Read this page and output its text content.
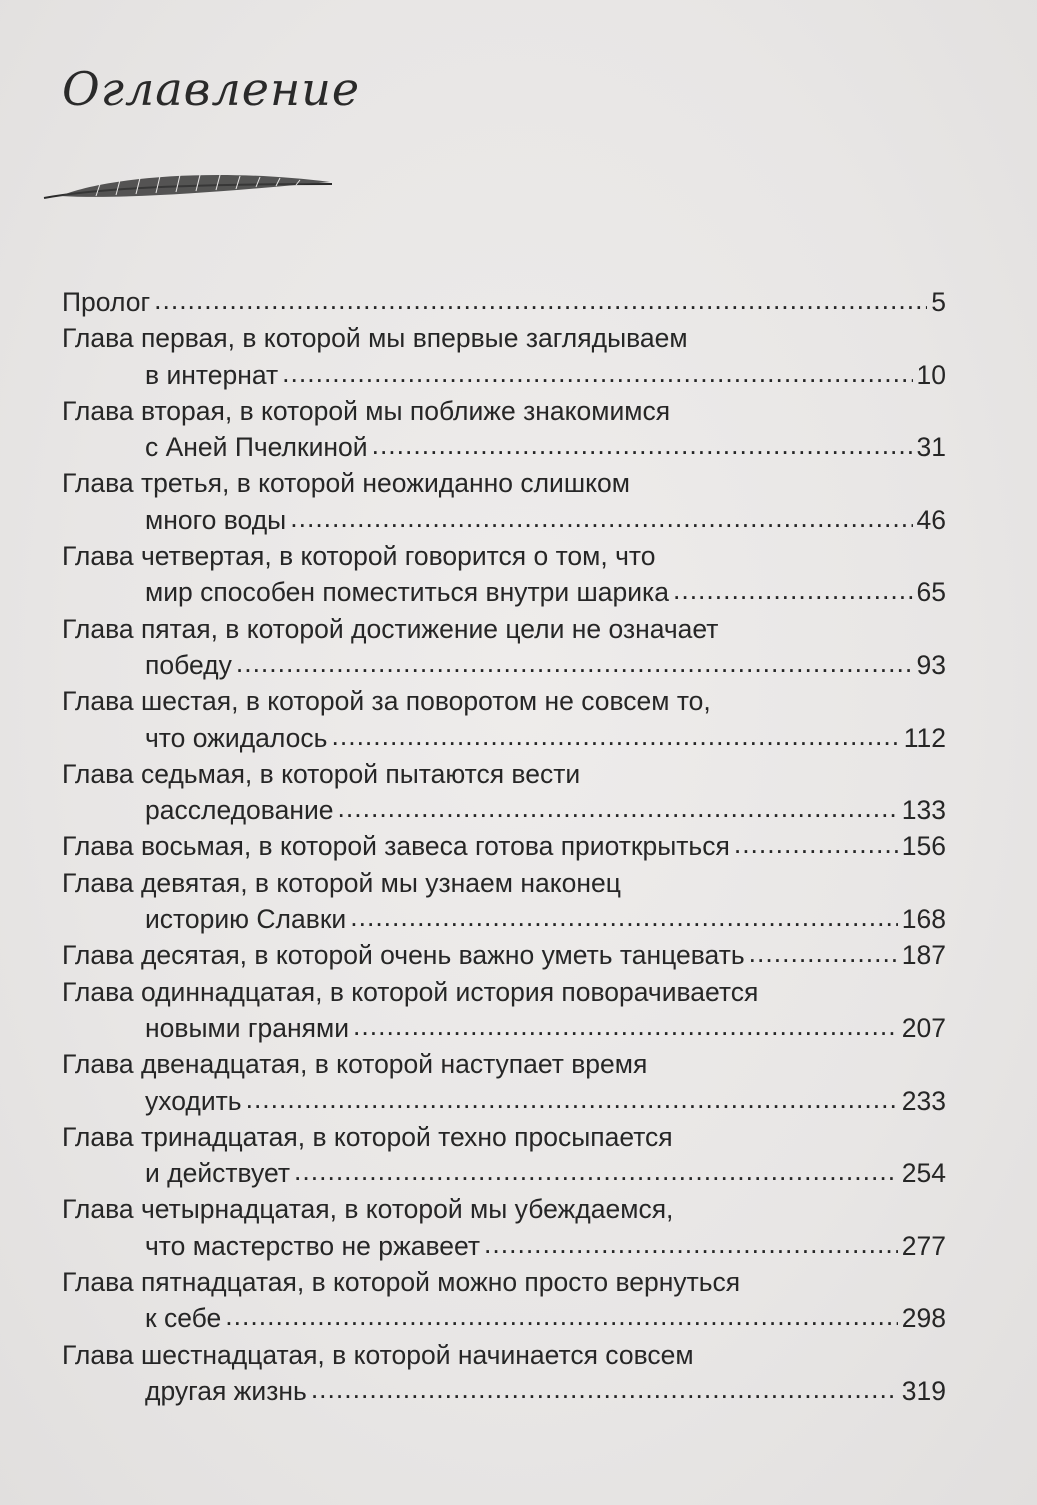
Оглавление
Пролог .....	5
Глава первая, в которой мы впервые заглядываем
в интернат .....	10
Глава вторая, в которой мы поближе знакомимся
с Аней Пчелкиной .....	31
Глава третья, в которой неожиданно слишком
много воды .....	46
Глава четвертая, в которой говорится о том, что
мир способен поместиться внутри шарика .....	65
Глава пятая, в которой достижение цели не означает
победу .....	93
Глава шестая, в которой за поворотом не совсем то,
что ожидалось .....	112
Глава седьмая, в которой пытаются вести
расследование .....	133
Глава восьмая, в которой завеса готова приоткрыться .....	156
Глава девятая, в которой мы узнаем наконец
историю Славки .....	168
Глава десятая, в которой очень важно уметь танцевать .....	187
Глава одиннадцатая, в которой история поворачивается
новыми гранями .....	207
Глава двенадцатая, в которой наступает время
уходить .....	233
Глава тринадцатая, в которой техно просыпается
и действует .....	254
Глава четырнадцатая, в которой мы убеждаемся,
что мастерство не ржавеет .....	277
Глава пятнадцатая, в которой можно просто вернуться
к себе .....	298
Глава шестнадцатая, в которой начинается совсем
другая жизнь .....	319
